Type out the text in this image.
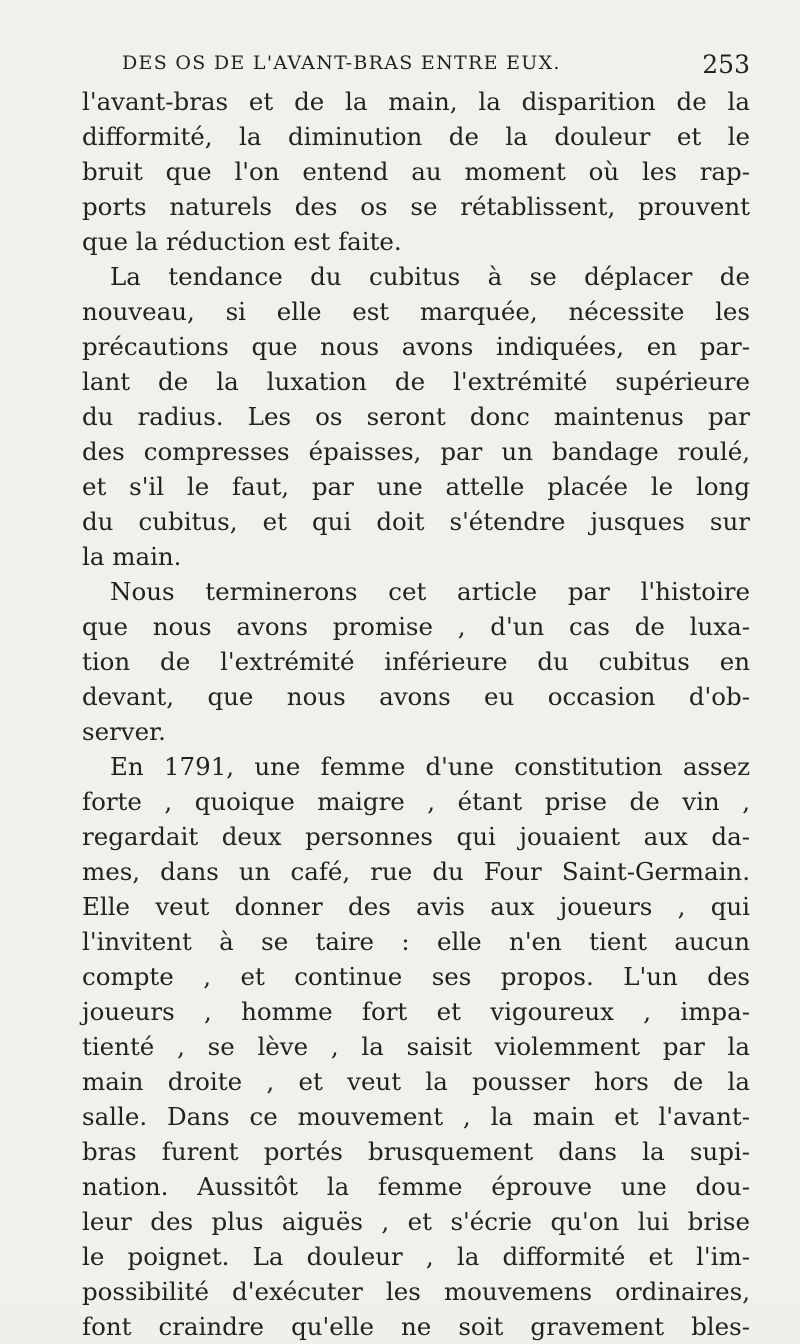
DES OS DE L'AVANT-BRAS ENTRE EUX.	253
l'avant-bras et de la main, la disparition de la
difformité, la diminution de la douleur et le
bruit que l'on entend au moment où les rap-
ports naturels des os se rétablissent, prouvent
que la réduction est faite.
La tendance du cubitus à se déplacer de
nouveau, si elle est marquée, nécessite les
précautions que nous avons indiquées, en par-
lant de la luxation de l'extrémité supérieure
du radius. Les os seront donc maintenus par
des compresses épaisses, par un bandage roulé,
et s'il le faut, par une attelle placée le long
du cubitus, et qui doit s'étendre jusques sur
la main.
Nous terminerons cet article par l'histoire
que nous avons promise , d'un cas de luxa-
tion de l'extrémité inférieure du cubitus en
devant, que nous avons eu occasion d'ob-
server.
En 1791, une femme d'une constitution assez
forte , quoique maigre , étant prise de vin ,
regardait deux personnes qui jouaient aux da-
mes, dans un café, rue du Four Saint-Germain.
Elle veut donner des avis aux joueurs , qui
l'invitent à se taire : elle n'en tient aucun
compte , et continue ses propos. L'un des
joueurs , homme fort et vigoureux , impa-
tienté , se lève , la saisit violemment par la
main droite , et veut la pousser hors de la
salle. Dans ce mouvement , la main et l'avant-
bras furent portés brusquement dans la supi-
nation. Aussitôt la femme éprouve une dou-
leur des plus aiguës , et s'écrie qu'on lui brise
le poignet. La douleur , la difformité et l'im-
possibilité d'exécuter les mouvemens ordinaires,
font craindre qu'elle ne soit gravement bles-
